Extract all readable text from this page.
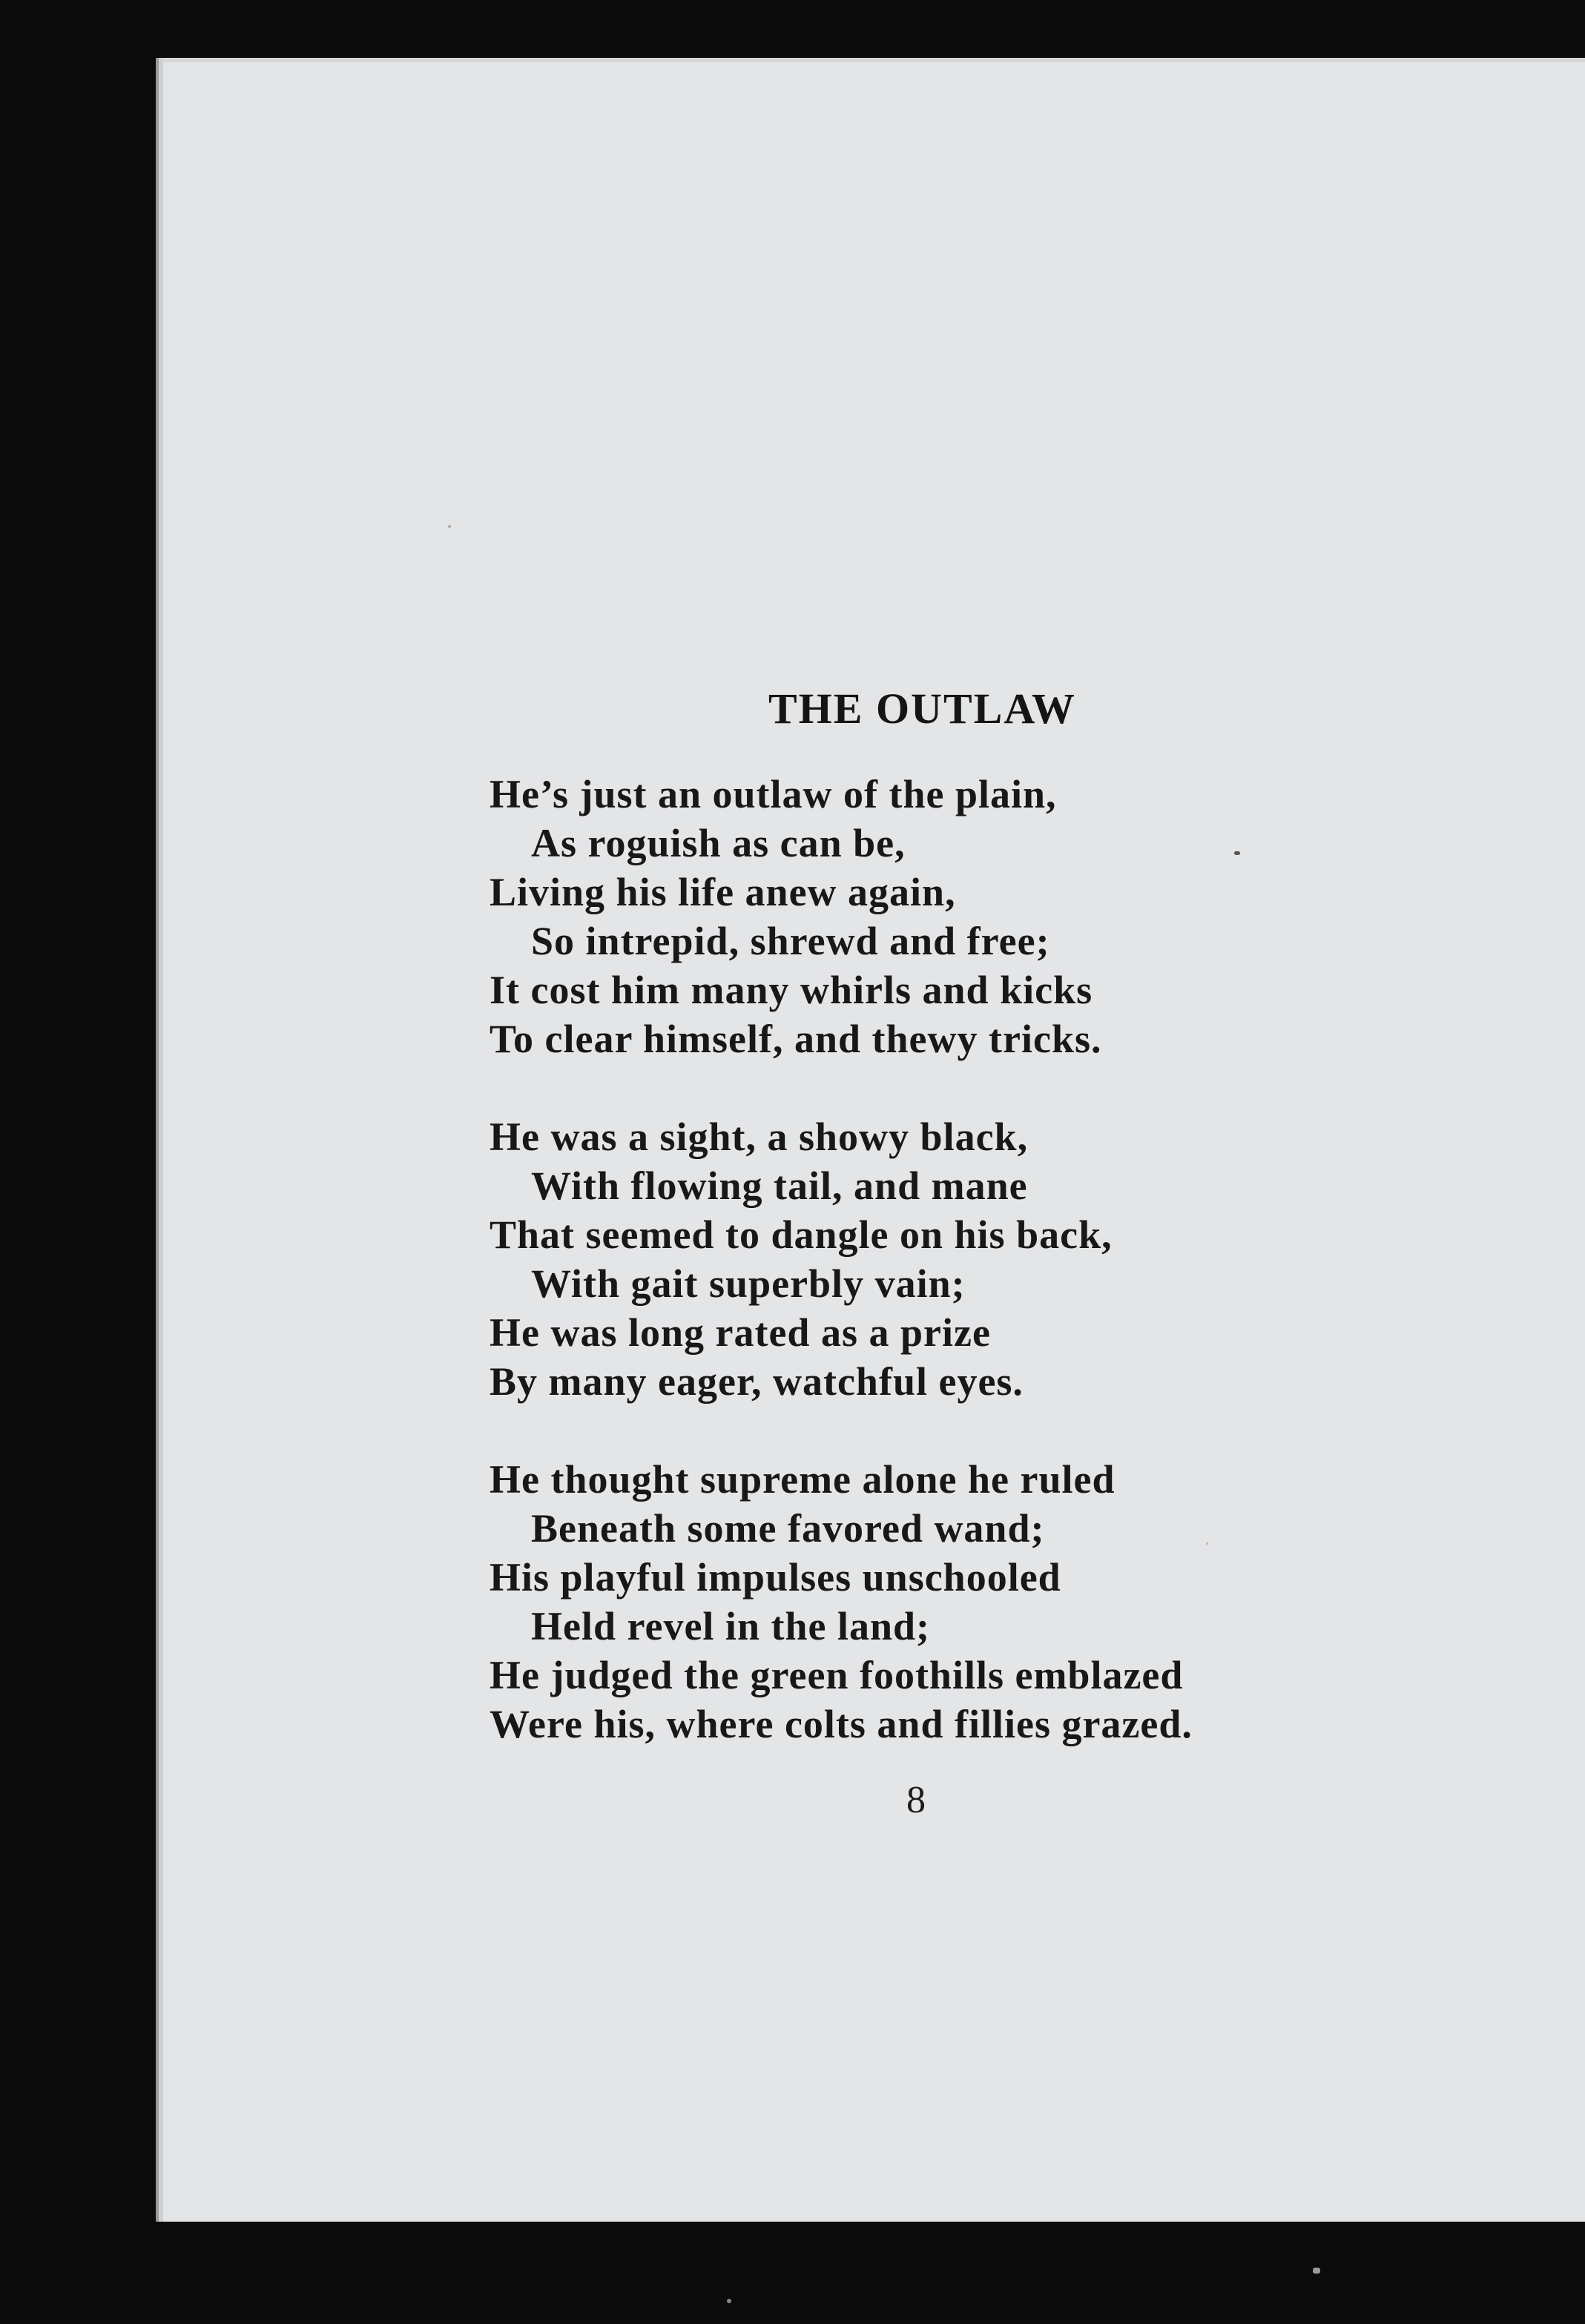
THE OUTLAW
He’s just an outlaw of the plain,
As roguish as can be,
Living his life anew again,
So intrepid, shrewd and free;
It cost him many whirls and kicks
To clear himself, and thewy tricks.
He was a sight, a showy black,
With flowing tail, and mane
That seemed to dangle on his back,
With gait superbly vain;
He was long rated as a prize
By many eager, watchful eyes.
He thought supreme alone he ruled
Beneath some favored wand;
His playful impulses unschooled
Held revel in the land;
He judged the green foothills emblazed
Were his, where colts and fillies grazed.

8
